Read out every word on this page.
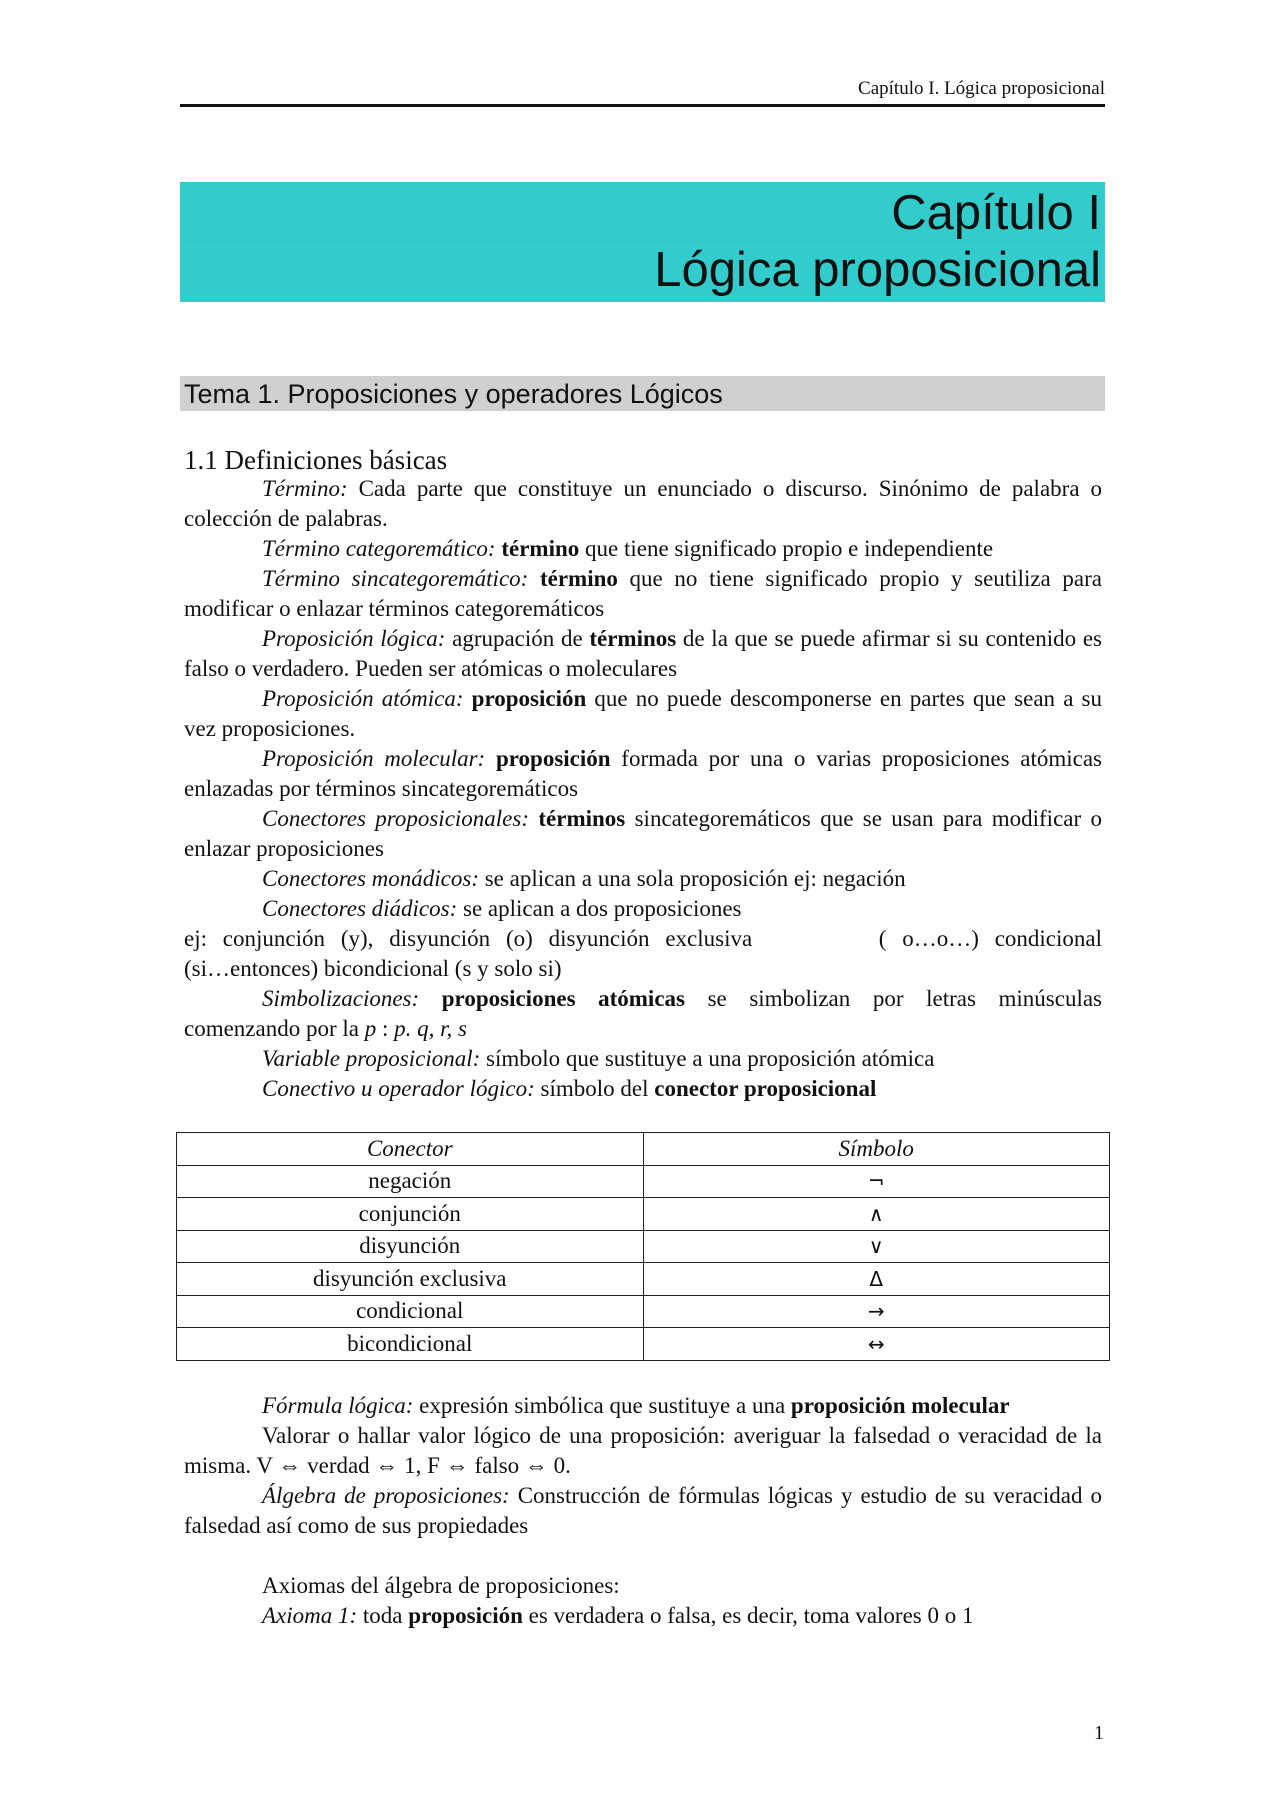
Capítulo I. Lógica proposicional
Capítulo I
Lógica proposicional
Tema 1. Proposiciones y operadores Lógicos
1.1 Definiciones básicas

Término: Cada parte que constituye un enunciado o discurso. Sinónimo de palabra o colección de palabras.

Término categoremático: término que tiene significado propio e independiente

Término sincategoremático: término que no tiene significado propio y seutiliza para modificar o enlazar términos categoremáticos

Proposición lógica: agrupación de términos de la que se puede afirmar si su contenido es falso o verdadero. Pueden ser atómicas o moleculares

Proposición atómica: proposición que no puede descomponerse en partes que sean a su vez proposiciones.

Proposición molecular: proposición formada por una o varias proposiciones atómicas enlazadas por términos sincategoremáticos

Conectores proposicionales: términos sincategoremáticos que se usan para modificar o enlazar proposiciones

Conectores monádicos: se aplican a una sola proposición ej: negación

Conectores diádicos: se aplican a dos proposiciones

ej: conjunción (y), disyunción (o) disyunción exclusiva        ( o…o…) condicional

(si…entonces) bicondicional (s y solo si)

Simbolizaciones: proposiciones atómicas se simbolizan por letras minúsculas comenzando por la p : p. q, r, s

Variable proposicional: símbolo que sustituye a una proposición atómica

Conectivo u operador lógico: símbolo del conector proposicional

Conector	Símbolo
negación	¬
conjunción	∧
disyunción	∨
disyunción exclusiva	Δ
condicional	→
bicondicional	↔

Fórmula lógica: expresión simbólica que sustituye a una proposición molecular

Valorar o hallar valor lógico de una proposición: averiguar la falsedad o veracidad de la misma. V ⇔ verdad ⇔ 1, F ⇔ falso ⇔ 0.

Álgebra de proposiciones: Construcción de fórmulas lógicas y estudio de su veracidad o falsedad así como de sus propiedades

Axiomas del álgebra de proposiciones:

Axioma 1: toda proposición es verdadera o falsa, es decir, toma valores 0 o 1

1
